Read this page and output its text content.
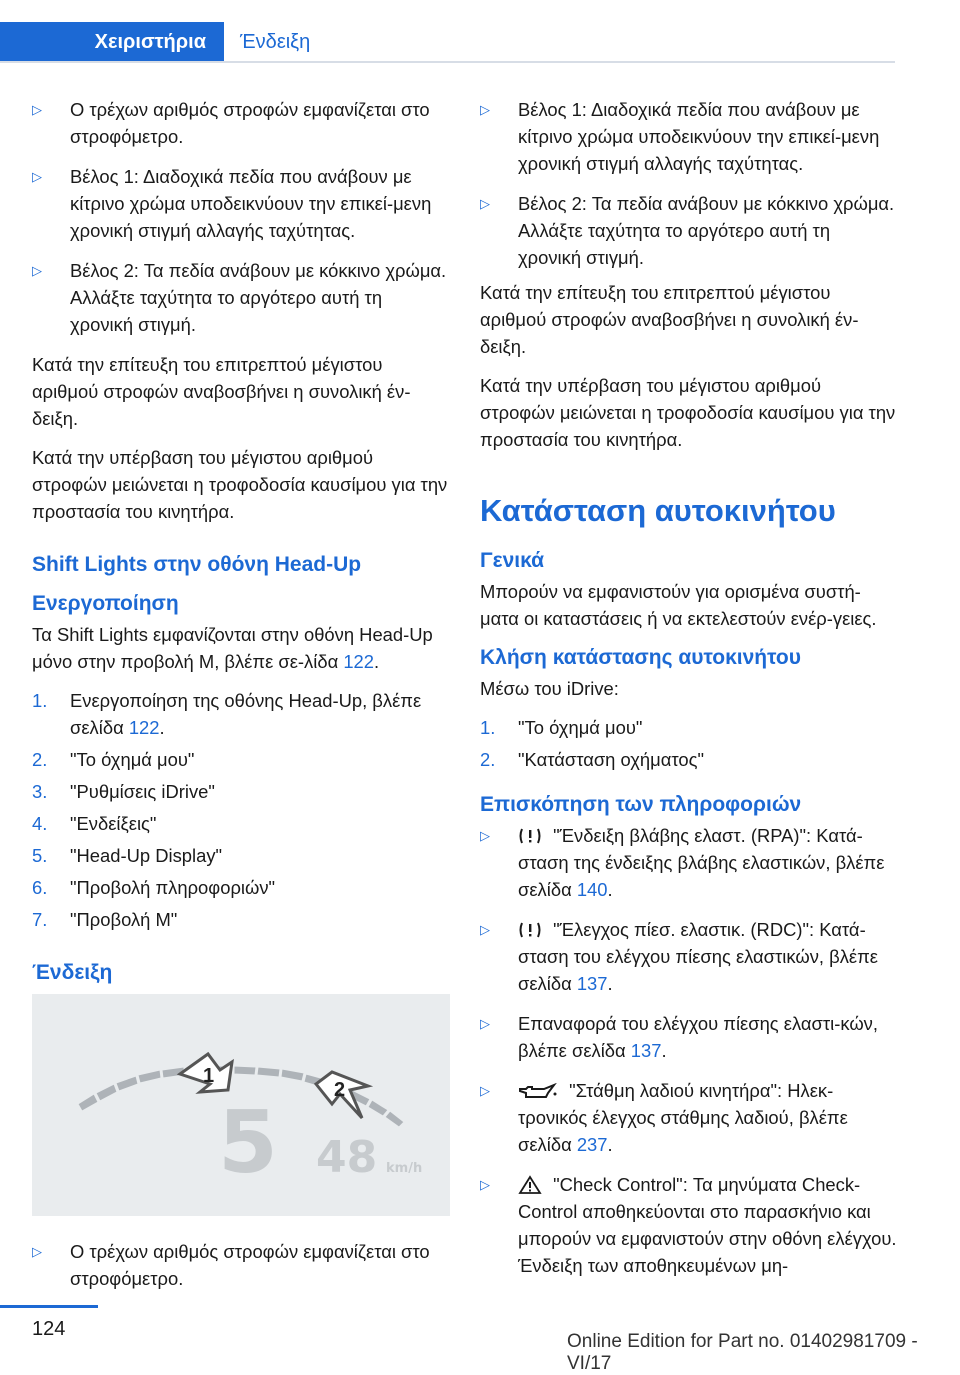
Χειριστήρια	Ένδειξη
▷ Ο τρέχων αριθμός στροφών εμφανίζεται στο στροφόμετρο.
▷ Βέλος 1: Διαδοχικά πεδία που ανάβουν με κίτρινο χρώμα υποδεικνύουν την επικεί‐μενη χρονική στιγμή αλλαγής ταχύτητας.
▷ Βέλος 2: Τα πεδία ανάβουν με κόκκινο χρώμα. Αλλάξτε ταχύτητα το αργότερο αυτή τη χρονική στιγμή.

Κατά την επίτευξη του επιτρεπτού μέγιστου αριθμού στροφών αναβοσβήνει η συνολική έν‐δειξη.

Κατά την υπέρβαση του μέγιστου αριθμού στροφών μειώνεται η τροφοδοσία καυσίμου για την προστασία του κινητήρα.

Shift Lights στην οθόνη Head-Up
Ενεργοποίηση

Τα Shift Lights εμφανίζονται στην οθόνη Head-Up μόνο στην προβολή M, βλέπε σε‐λίδα 122.

1. Ενεργοποίηση της οθόνης Head-Up, βλέπε σελίδα 122.
2. "Το όχημά μου"
3. "Ρυθμίσεις iDrive"
4. "Ενδείξεις"
5. "Head-Up Display"
6. "Προβολή πληροφοριών"
7. "Προβολή M"
Ένδειξη
1
2
5 48 km/h
▷ Ο τρέχων αριθμός στροφών εμφανίζεται στο στροφόμετρο.
▷ Βέλος 1: Διαδοχικά πεδία που ανάβουν με κίτρινο χρώμα υποδεικνύουν την επικεί‐μενη χρονική στιγμή αλλαγής ταχύτητας.
▷ Βέλος 2: Τα πεδία ανάβουν με κόκκινο χρώμα. Αλλάξτε ταχύτητα το αργότερο αυτή τη χρονική στιγμή.

Κατά την επίτευξη του επιτρεπτού μέγιστου αριθμού στροφών αναβοσβήνει η συνολική έν‐δειξη.

Κατά την υπέρβαση του μέγιστου αριθμού στροφών μειώνεται η τροφοδοσία καυσίμου για την προστασία του κινητήρα.

Κατάσταση αυτοκινήτου
Γενικά

Μπορούν να εμφανιστούν για ορισμένα συστή‐ματα οι καταστάσεις ή να εκτελεστούν ενέρ‐γειες.

Κλήση κατάστασης αυτοκινήτου

Μέσω του iDrive:

1. "Το όχημά μου"
2. "Κατάσταση οχήματος"
Επισκόπηση των πληροφοριών
▷	"Ένδειξη βλάβης ελαστ. (RPA)": Κατά‐σταση της ένδειξης βλάβης ελαστικών, βλέπε σελίδα 140.
▷	"Έλεγχος πίεσ. ελαστικ. (RDC)": Κατά‐σταση του ελέγχου πίεσης ελαστικών, βλέπε σελίδα 137.
▷ Επαναφορά του ελέγχου πίεσης ελαστι‐κών, βλέπε σελίδα 137.
▷	"Στάθμη λαδιού κινητήρα": Ηλεκ‐τρονικός έλεγχος στάθμης λαδιού, βλέπε σελίδα 237.
▷	"Check Control": Τα μηνύματα Check-Control αποθηκεύονται στο παρασκήνιο και μπορούν να εμφανιστούν στην οθόνη ελέγχου. Ένδειξη των αποθηκευμένων μη‐
124
Online Edition for Part no. 01402981709 - VI/17
